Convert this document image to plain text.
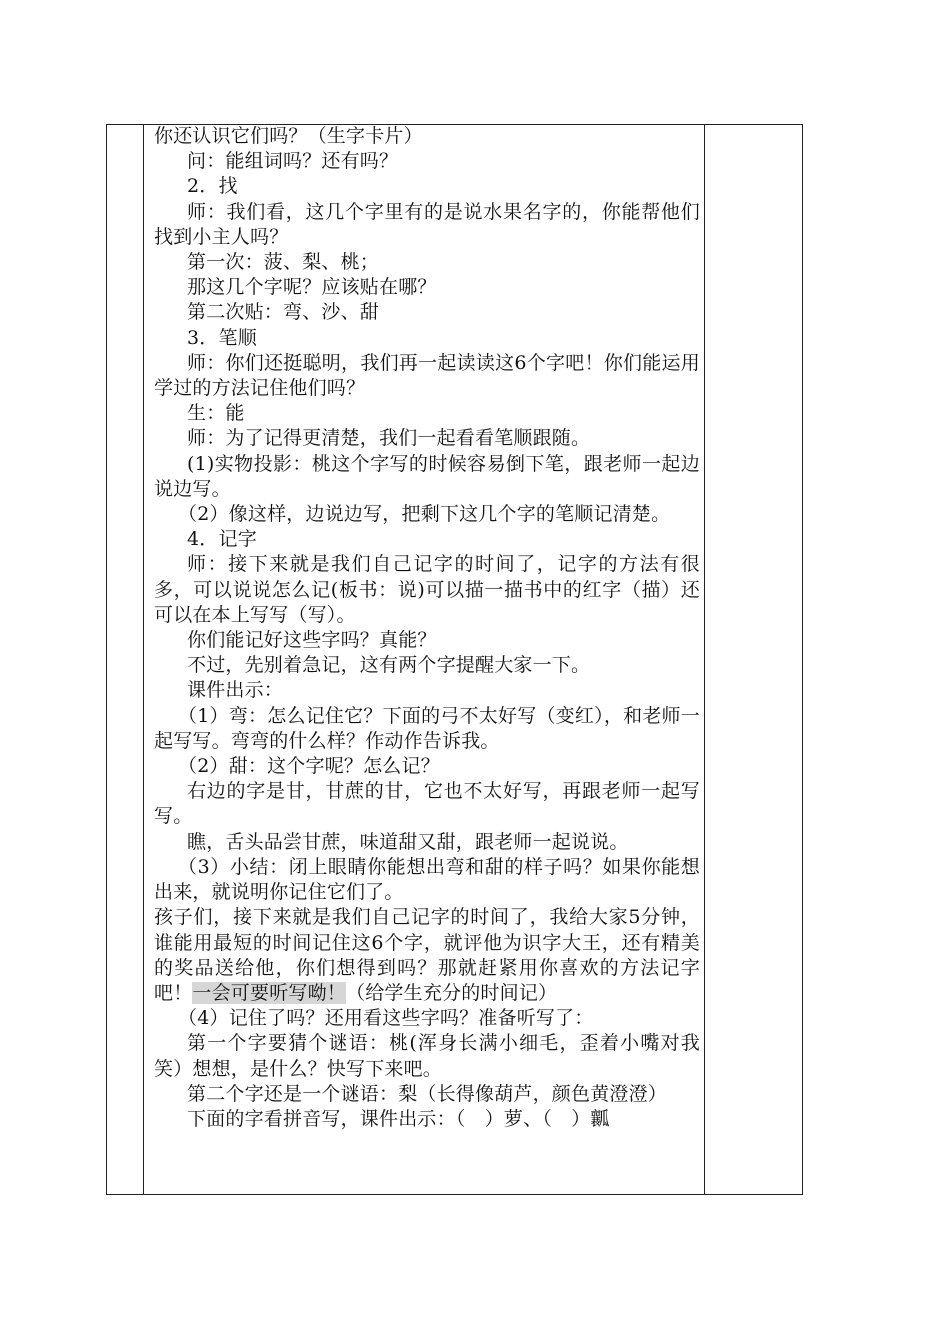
你还认识它们吗？（生字卡片）

问：能组词吗？还有吗？

2．找

师：我们看，这几个字里有的是说水果名字的，你能帮他们找到小主人吗？

第一次：菠、梨、桃；

那这几个字呢？应该贴在哪？

第二次贴：弯、沙、甜

3．笔顺

师：你们还挺聪明，我们再一起读读这6个字吧！你们能运用学过的方法记住他们吗？

生：能

师：为了记得更清楚，我们一起看看笔顺跟随。

(1)实物投影：桃这个字写的时候容易倒下笔，跟老师一起边说边写。

（2）像这样，边说边写，把剩下这几个字的笔顺记清楚。

4．记字

师：接下来就是我们自己记字的时间了，记字的方法有很多，可以说说怎么记(板书：说)可以描一描书中的红字（描）还可以在本上写写（写）。

你们能记好这些字吗？真能？

不过，先别着急记，这有两个字提醒大家一下。

课件出示：

（1）弯：怎么记住它？下面的弓不太好写（变红），和老师一起写写。弯弯的什么样？作动作告诉我。

（2）甜：这个字呢？怎么记？

右边的字是甘，甘蔗的甘，它也不太好写，再跟老师一起写写。

瞧，舌头品尝甘蔗，味道甜又甜，跟老师一起说说。

（3）小结：闭上眼睛你能想出弯和甜的样子吗？如果你能想出来，就说明你记住它们了。

孩子们，接下来就是我们自己记字的时间了，我给大家5分钟，谁能用最短的时间记住这6个字，就评他为识字大王，还有精美的奖品送给他，你们想得到吗？那就赶紧用你喜欢的方法记字吧！一会可要听写呦！（给学生充分的时间记）

（4）记住了吗？还用看这些字吗？准备听写了：

第一个字要猜个谜语：桃(浑身长满小细毛，歪着小嘴对我笑）想想，是什么？快写下来吧。

第二个字还是一个谜语：梨（长得像葫芦，颜色黄澄澄）

下面的字看拼音写，课件出示：（　）萝、（　）瓤
